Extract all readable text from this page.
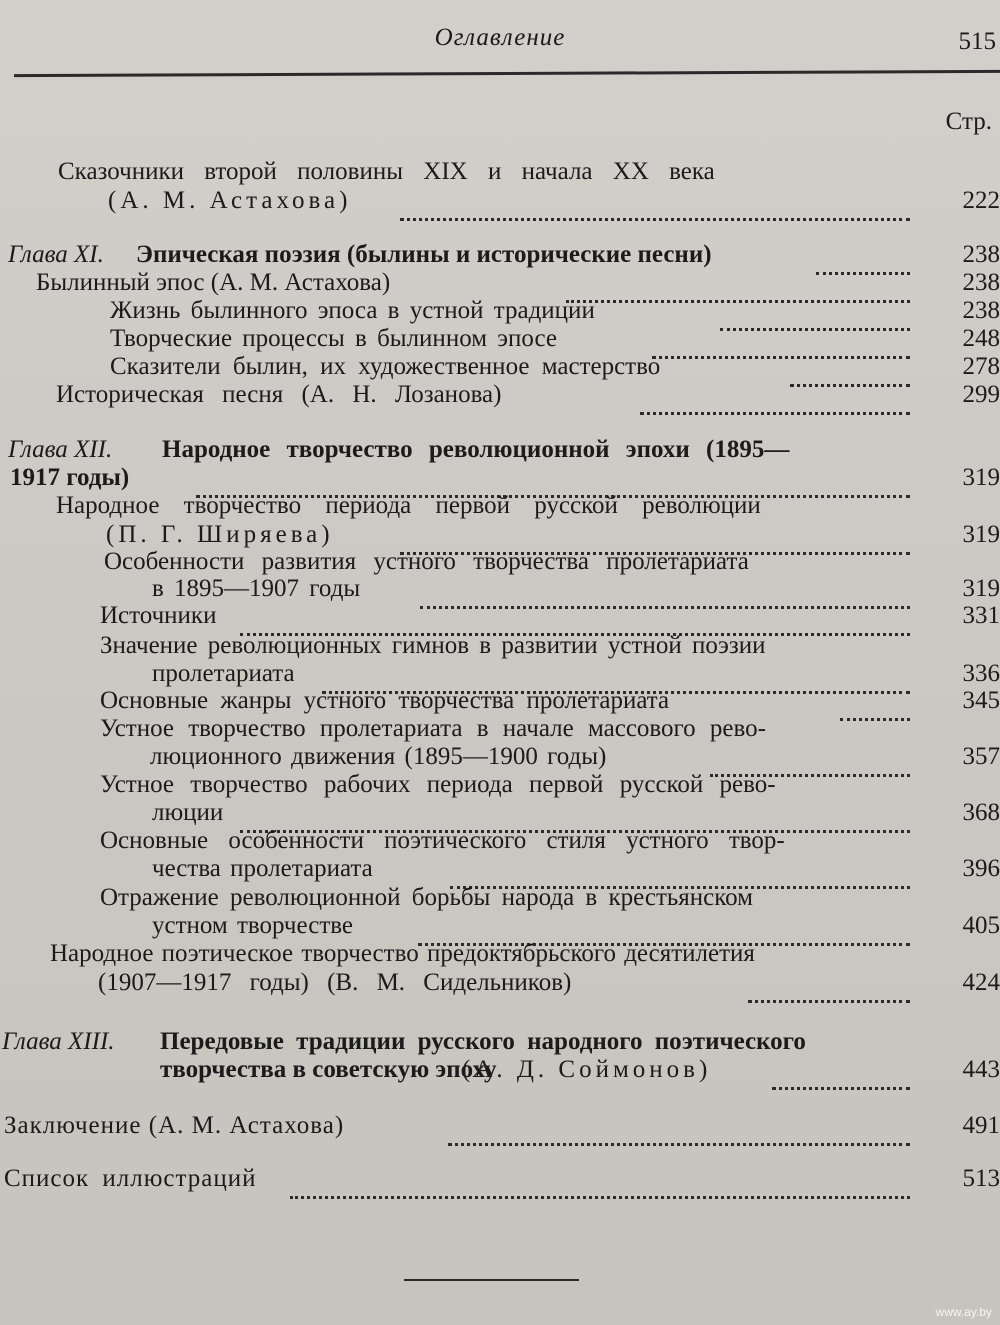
Оглавление	515
Стр.
Сказочники второй половины XIX и начала XX века
(А. М. Астахова)	222
Глава XI. Эпическая поэзия (былины и исторические песни)	238
Былинный эпос (А. М. Астахова)	238
Жизнь былинного эпоса в устной традиции	238
Творческие процессы в былинном эпосе	248
Сказители былин, их художественное мастерство	278
Историческая песня (А. Н. Лозанова)	299
Глава XII. Народное творчество революционной эпохи (1895—
1917 годы)	319
Народное творчество периода первой русской революции
(П. Г. Ширяева)	319
Особенности развития устного творчества пролетариата
в 1895—1907 годы	319
Источники	331
Значение революционных гимнов в развитии устной поэзии
пролетариата	336
Основные жанры устного творчества пролетариата	345
Устное творчество пролетариата в начале массового рево-
люционного движения (1895—1900 годы)	357
Устное творчество рабочих периода первой русской рево-
люции	368
Основные особенности поэтического стиля устного твор-
чества пролетариата	396
Отражение революционной борьбы народа в крестьянском
устном творчестве	405
Народное поэтическое творчество предоктябрьского десятилетия
(1907—1917 годы) (В. М. Сидельников)	424
Глава XIII. Передовые традиции русского народного поэтического
творчества в советскую эпоху
(А. Д. Соймонов)	443
Заключение (А. М. Астахова)	491
Список иллюстраций	513
www.ay.by
